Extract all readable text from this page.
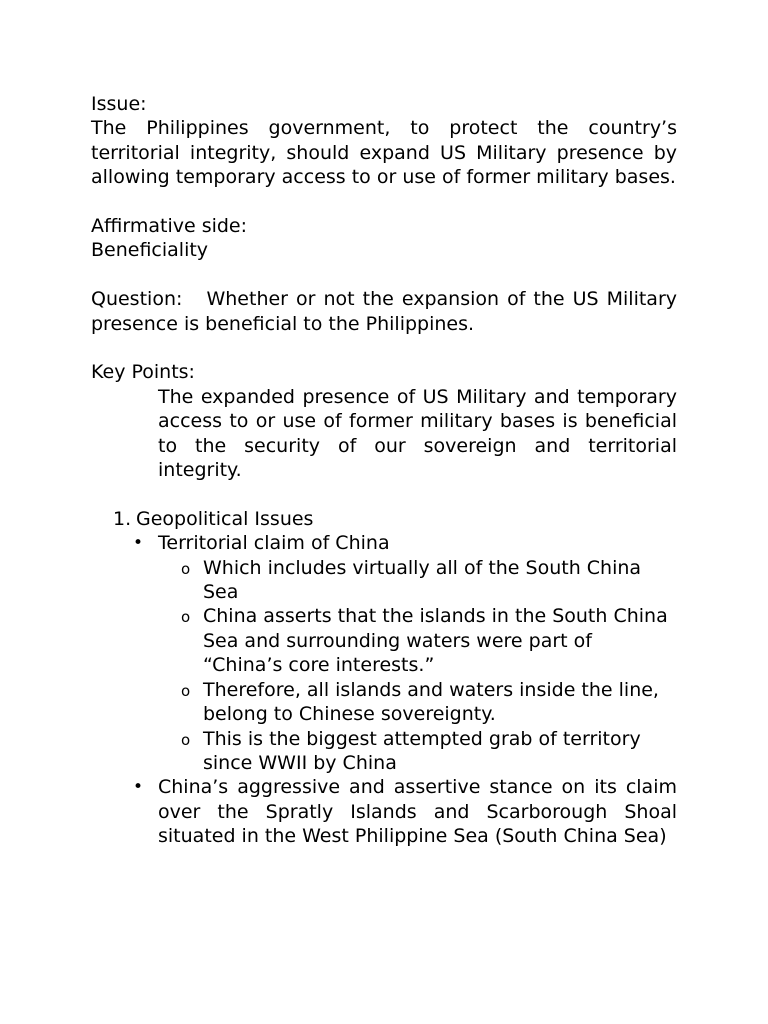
Issue:

The Philippines government, to protect the country’s territorial integrity, should expand US Military presence by allowing temporary access to or use of former military bases.

Affirmative side:

Beneficiality

Question:   Whether or not the expansion of the US Military presence is beneficial to the Philippines.

Key Points:

The expanded presence of US Military and temporary access to or use of former military bases is beneficial to the security of our sovereign and territorial integrity.

1. Geopolitical Issues
• Territorial claim of China
o Which includes virtually all of the South China Sea
o China asserts that the islands in the South China Sea and surrounding waters were part of “China’s core interests.”
o Therefore, all islands and waters inside the line, belong to Chinese sovereignty.
o This is the biggest attempted grab of territory since WWII by China
• China’s aggressive and assertive stance on its claim over the Spratly Islands and Scarborough Shoal situated in the West Philippine Sea (South China Sea)
